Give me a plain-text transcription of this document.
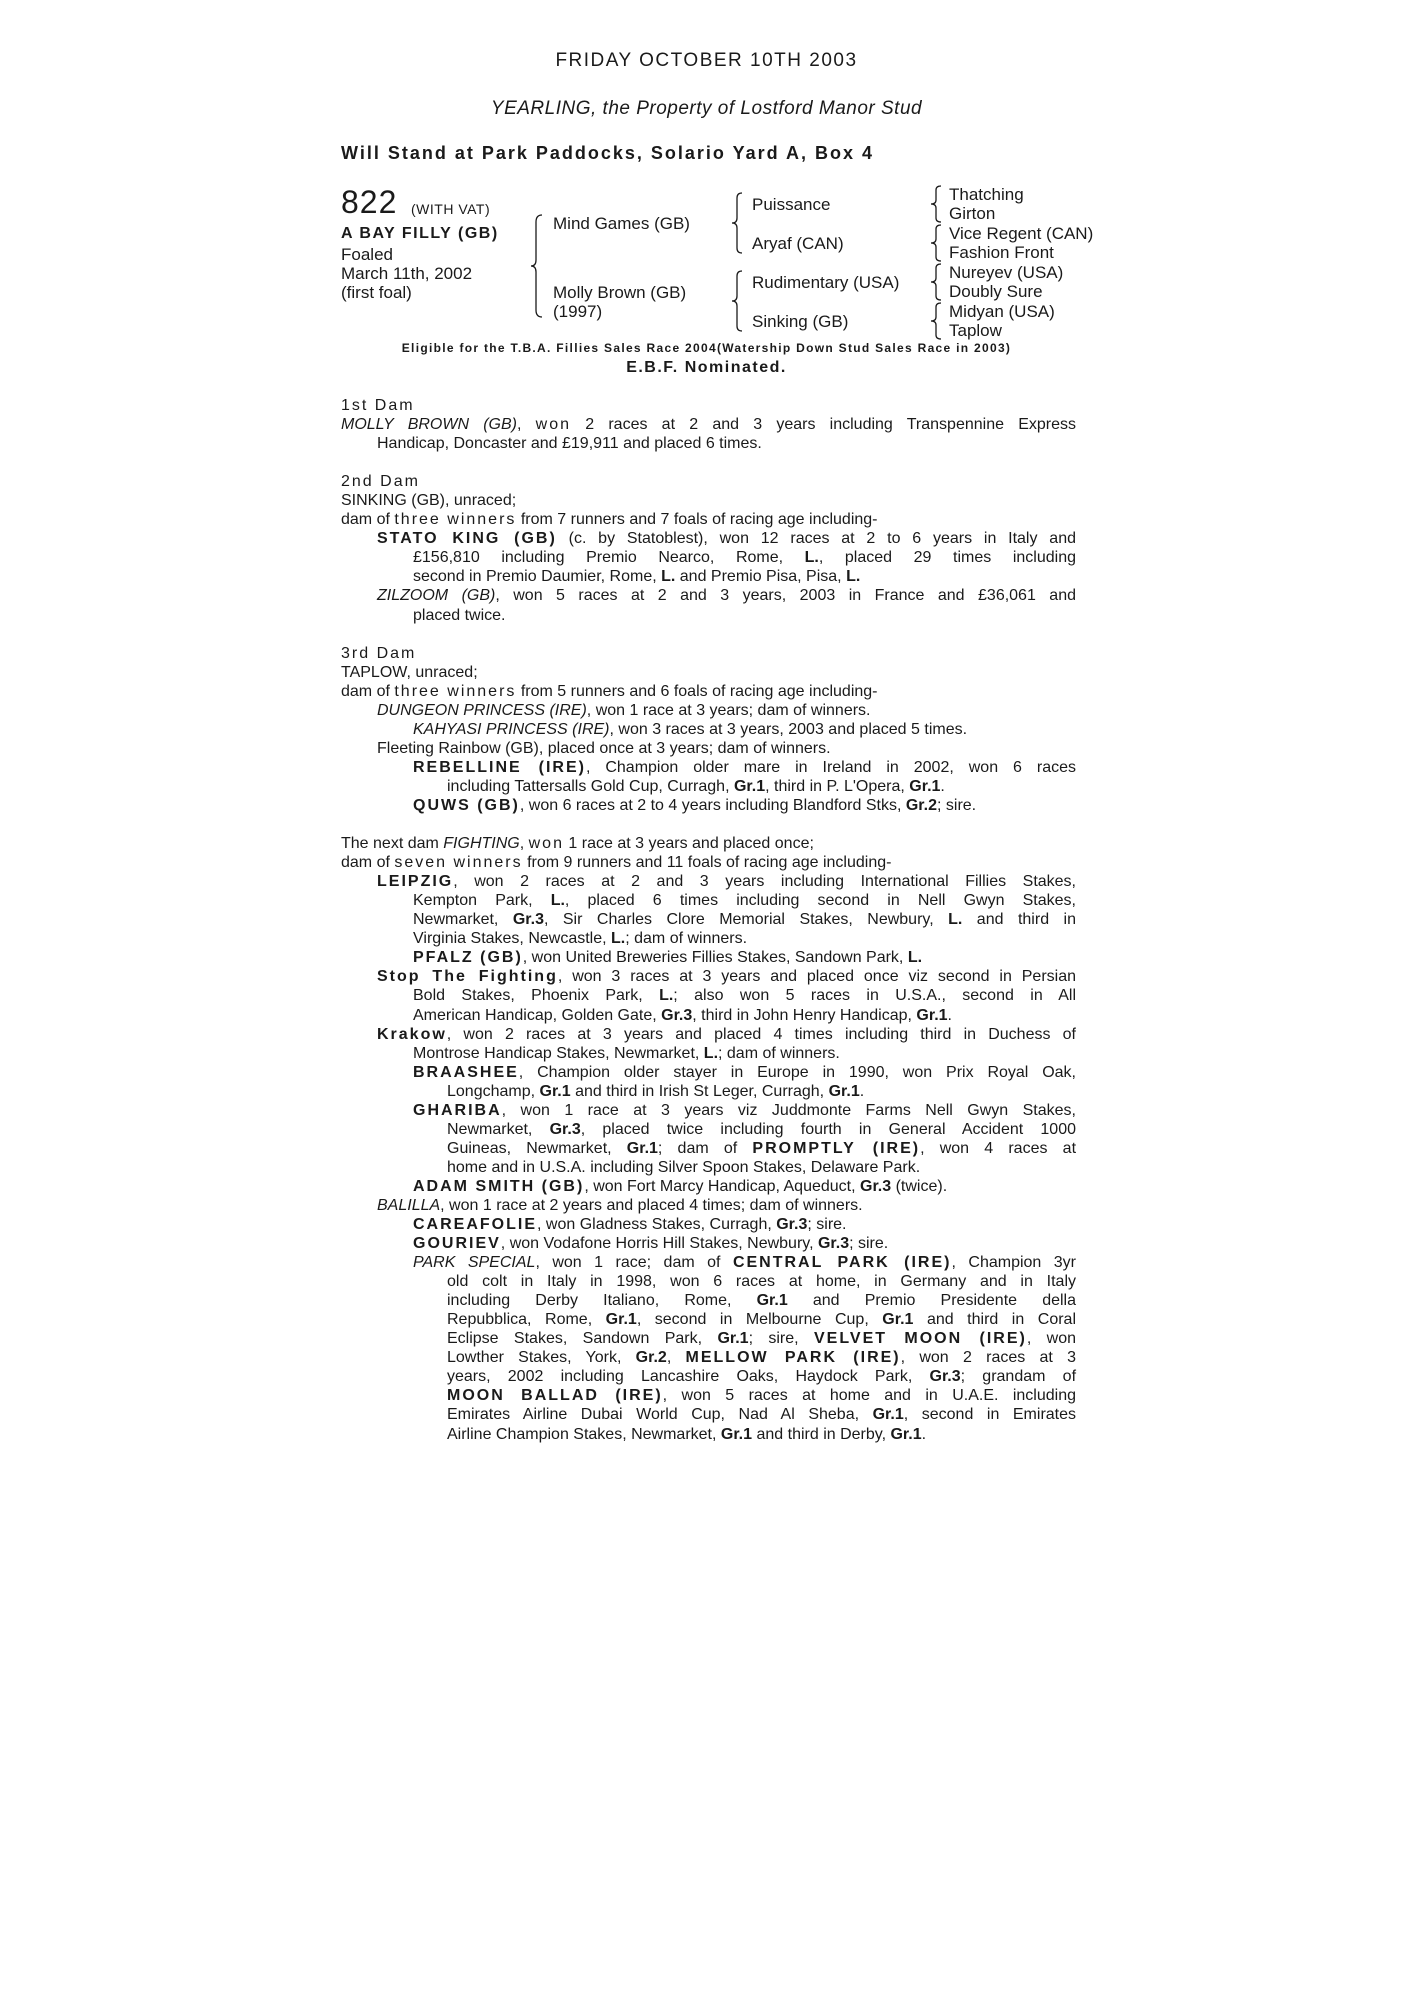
FRIDAY OCTOBER 10TH 2003
YEARLING, the Property of Lostford Manor Stud
Will Stand at Park Paddocks, Solario Yard A, Box 4
822 (WITH VAT)
A BAY FILLY (GB)
Foaled
March 11th, 2002
(first foal)
Mind Games (GB)
Molly Brown (GB)
(1997)
Puissance
Aryaf (CAN)
Rudimentary (USA)
Sinking (GB)
Thatching
Girton
Vice Regent (CAN)
Fashion Front
Nureyev (USA)
Doubly Sure
Midyan (USA)
Taplow
Eligible for the T.B.A. Fillies Sales Race 2004(Watership Down Stud Sales Race in 2003)
E.B.F. Nominated.
1st Dam
MOLLY BROWN (GB), won 2 races at 2 and 3 years including Transpennine Express
Handicap, Doncaster and £19,911 and placed 6 times.
2nd Dam
SINKING (GB), unraced;
dam of three winners from 7 runners and 7 foals of racing age including-
STATO KING (GB) (c. by Statoblest), won 12 races at 2 to 6 years in Italy and
£156,810 including Premio Nearco, Rome, L., placed 29 times including
second in Premio Daumier, Rome, L. and Premio Pisa, Pisa, L.
ZILZOOM (GB), won 5 races at 2 and 3 years, 2003 in France and £36,061 and
placed twice.
3rd Dam
TAPLOW, unraced;
dam of three winners from 5 runners and 6 foals of racing age including-
DUNGEON PRINCESS (IRE), won 1 race at 3 years; dam of winners.
KAHYASI PRINCESS (IRE), won 3 races at 3 years, 2003 and placed 5 times.
Fleeting Rainbow (GB), placed once at 3 years; dam of winners.
REBELLINE (IRE), Champion older mare in Ireland in 2002, won 6 races
including Tattersalls Gold Cup, Curragh, Gr.1, third in P. L'Opera, Gr.1.
QUWS (GB), won 6 races at 2 to 4 years including Blandford Stks, Gr.2; sire.
The next dam FIGHTING, won 1 race at 3 years and placed once;
dam of seven winners from 9 runners and 11 foals of racing age including-
LEIPZIG, won 2 races at 2 and 3 years including International Fillies Stakes,
Kempton Park, L., placed 6 times including second in Nell Gwyn Stakes,
Newmarket, Gr.3, Sir Charles Clore Memorial Stakes, Newbury, L. and third in
Virginia Stakes, Newcastle, L.; dam of winners.
PFALZ (GB), won United Breweries Fillies Stakes, Sandown Park, L.
Stop The Fighting, won 3 races at 3 years and placed once viz second in Persian
Bold Stakes, Phoenix Park, L.; also won 5 races in U.S.A., second in All
American Handicap, Golden Gate, Gr.3, third in John Henry Handicap, Gr.1.
Krakow, won 2 races at 3 years and placed 4 times including third in Duchess of
Montrose Handicap Stakes, Newmarket, L.; dam of winners.
BRAASHEE, Champion older stayer in Europe in 1990, won Prix Royal Oak,
Longchamp, Gr.1 and third in Irish St Leger, Curragh, Gr.1.
GHARIBA, won 1 race at 3 years viz Juddmonte Farms Nell Gwyn Stakes,
Newmarket, Gr.3, placed twice including fourth in General Accident 1000
Guineas, Newmarket, Gr.1; dam of PROMPTLY (IRE), won 4 races at
home and in U.S.A. including Silver Spoon Stakes, Delaware Park.
ADAM SMITH (GB), won Fort Marcy Handicap, Aqueduct, Gr.3 (twice).
BALILLA, won 1 race at 2 years and placed 4 times; dam of winners.
CAREAFOLIE, won Gladness Stakes, Curragh, Gr.3; sire.
GOURIEV, won Vodafone Horris Hill Stakes, Newbury, Gr.3; sire.
PARK SPECIAL, won 1 race; dam of CENTRAL PARK (IRE), Champion 3yr
old colt in Italy in 1998, won 6 races at home, in Germany and in Italy
including Derby Italiano, Rome, Gr.1 and Premio Presidente della
Repubblica, Rome, Gr.1, second in Melbourne Cup, Gr.1 and third in Coral
Eclipse Stakes, Sandown Park, Gr.1; sire, VELVET MOON (IRE), won
Lowther Stakes, York, Gr.2, MELLOW PARK (IRE), won 2 races at 3
years, 2002 including Lancashire Oaks, Haydock Park, Gr.3; grandam of
MOON BALLAD (IRE), won 5 races at home and in U.A.E. including
Emirates Airline Dubai World Cup, Nad Al Sheba, Gr.1, second in Emirates
Airline Champion Stakes, Newmarket, Gr.1 and third in Derby, Gr.1.
